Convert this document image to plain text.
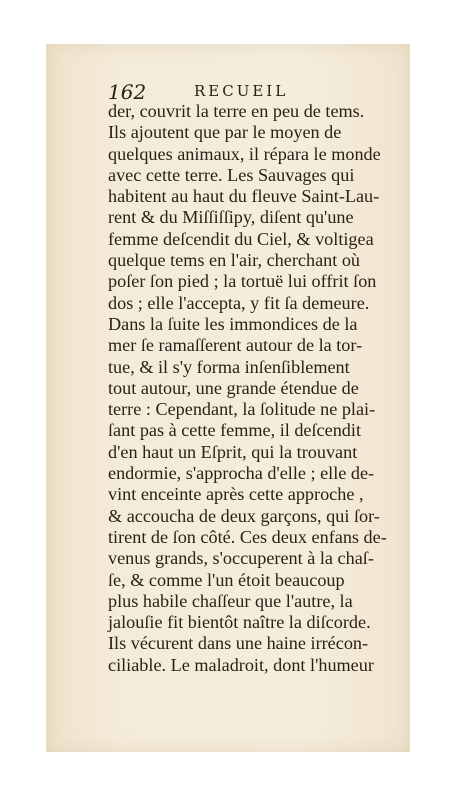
162	RECUEIL
der, couvrit la terre en peu de tems.
Ils ajoutent que par le moyen de
quelques animaux, il répara le monde
avec cette terre. Les Sauvages qui
habitent au haut du fleuve Saint-Lau-
rent & du Miſſiſſipy, diſent qu'une
femme deſcendit du Ciel, & voltigea
quelque tems en l'air, cherchant où
poſer ſon pied ; la tortuë lui offrit ſon
dos ; elle l'accepta, y fit ſa demeure.
Dans la ſuite les immondices de la
mer ſe ramaſſerent autour de la tor-
tue, & il s'y forma inſenſiblement
tout autour, une grande étendue de
terre : Cependant, la ſolitude ne plai-
ſant pas à cette femme, il deſcendit
d'en haut un Eſprit, qui la trouvant
endormie, s'approcha d'elle ; elle de-
vint enceinte après cette approche ,
& accoucha de deux garçons, qui ſor-
tirent de ſon côté. Ces deux enfans de-
venus grands, s'occuperent à la chaſ-
ſe, & comme l'un étoit beaucoup
plus habile chaſſeur que l'autre, la
jalouſie fit bientôt naître la diſcorde.
Ils vécurent dans une haine irrécon-
ciliable. Le maladroit, dont l'humeur
